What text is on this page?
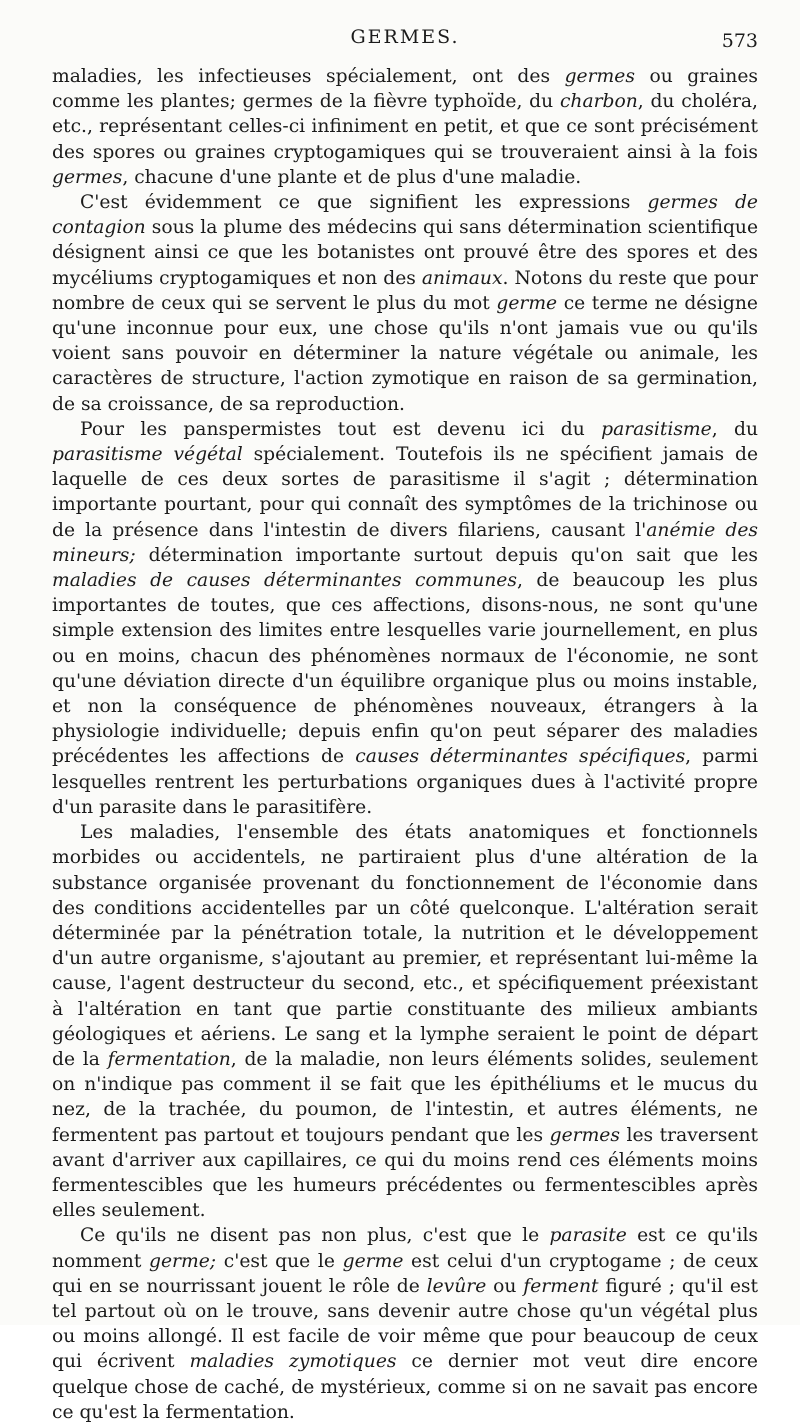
GERMES.	573

maladies, les infectieuses spécialement, ont des germes ou graines comme les plantes; germes de la fièvre typhoïde, du charbon, du choléra, etc., représentant celles-ci infiniment en petit, et que ce sont précisément des spores ou graines cryptogamiques qui se trouveraient ainsi à la fois germes, chacune d'une plante et de plus d'une maladie.

C'est évidemment ce que signifient les expressions germes de contagion sous la plume des médecins qui sans détermination scientifique désignent ainsi ce que les botanistes ont prouvé être des spores et des mycéliums cryptogamiques et non des animaux. Notons du reste que pour nombre de ceux qui se servent le plus du mot germe ce terme ne désigne qu'une inconnue pour eux, une chose qu'ils n'ont jamais vue ou qu'ils voient sans pouvoir en déterminer la nature végétale ou animale, les caractères de structure, l'action zymotique en raison de sa germination, de sa croissance, de sa reproduction.

Pour les panspermistes tout est devenu ici du parasitisme, du parasitisme végétal spécialement. Toutefois ils ne spécifient jamais de laquelle de ces deux sortes de parasitisme il s'agit ; détermination importante pourtant, pour qui connaît des symptômes de la trichinose ou de la présence dans l'intestin de divers filariens, causant l'anémie des mineurs; détermination importante surtout depuis qu'on sait que les maladies de causes déterminantes communes, de beaucoup les plus importantes de toutes, que ces affections, disons-nous, ne sont qu'une simple extension des limites entre lesquelles varie journellement, en plus ou en moins, chacun des phénomènes normaux de l'économie, ne sont qu'une déviation directe d'un équilibre organique plus ou moins instable, et non la conséquence de phénomènes nouveaux, étrangers à la physiologie individuelle; depuis enfin qu'on peut séparer des maladies précédentes les affections de causes déterminantes spécifiques, parmi lesquelles rentrent les perturbations organiques dues à l'activité propre d'un parasite dans le parasitifère.

Les maladies, l'ensemble des états anatomiques et fonctionnels morbides ou accidentels, ne partiraient plus d'une altération de la substance organisée provenant du fonctionnement de l'économie dans des conditions accidentelles par un côté quelconque. L'altération serait déterminée par la pénétration totale, la nutrition et le développement d'un autre organisme, s'ajoutant au premier, et représentant lui-même la cause, l'agent destructeur du second, etc., et spécifiquement préexistant à l'altération en tant que partie constituante des milieux ambiants géologiques et aériens. Le sang et la lymphe seraient le point de départ de la fermentation, de la maladie, non leurs éléments solides, seulement on n'indique pas comment il se fait que les épithéliums et le mucus du nez, de la trachée, du poumon, de l'intestin, et autres éléments, ne fermentent pas partout et toujours pendant que les germes les traversent avant d'arriver aux capillaires, ce qui du moins rend ces éléments moins fermentescibles que les humeurs précédentes ou fermentescibles après elles seulement.

Ce qu'ils ne disent pas non plus, c'est que le parasite est ce qu'ils nomment germe; c'est que le germe est celui d'un cryptogame ; de ceux qui en se nourrissant jouent le rôle de levûre ou ferment figuré ; qu'il est tel partout où on le trouve, sans devenir autre chose qu'un végétal plus ou moins allongé. Il est facile de voir même que pour beaucoup de ceux qui écrivent maladies zymotiques ce dernier mot veut dire encore quelque chose de caché, de mystérieux, comme si on ne savait pas encore ce qu'est la fermentation.
